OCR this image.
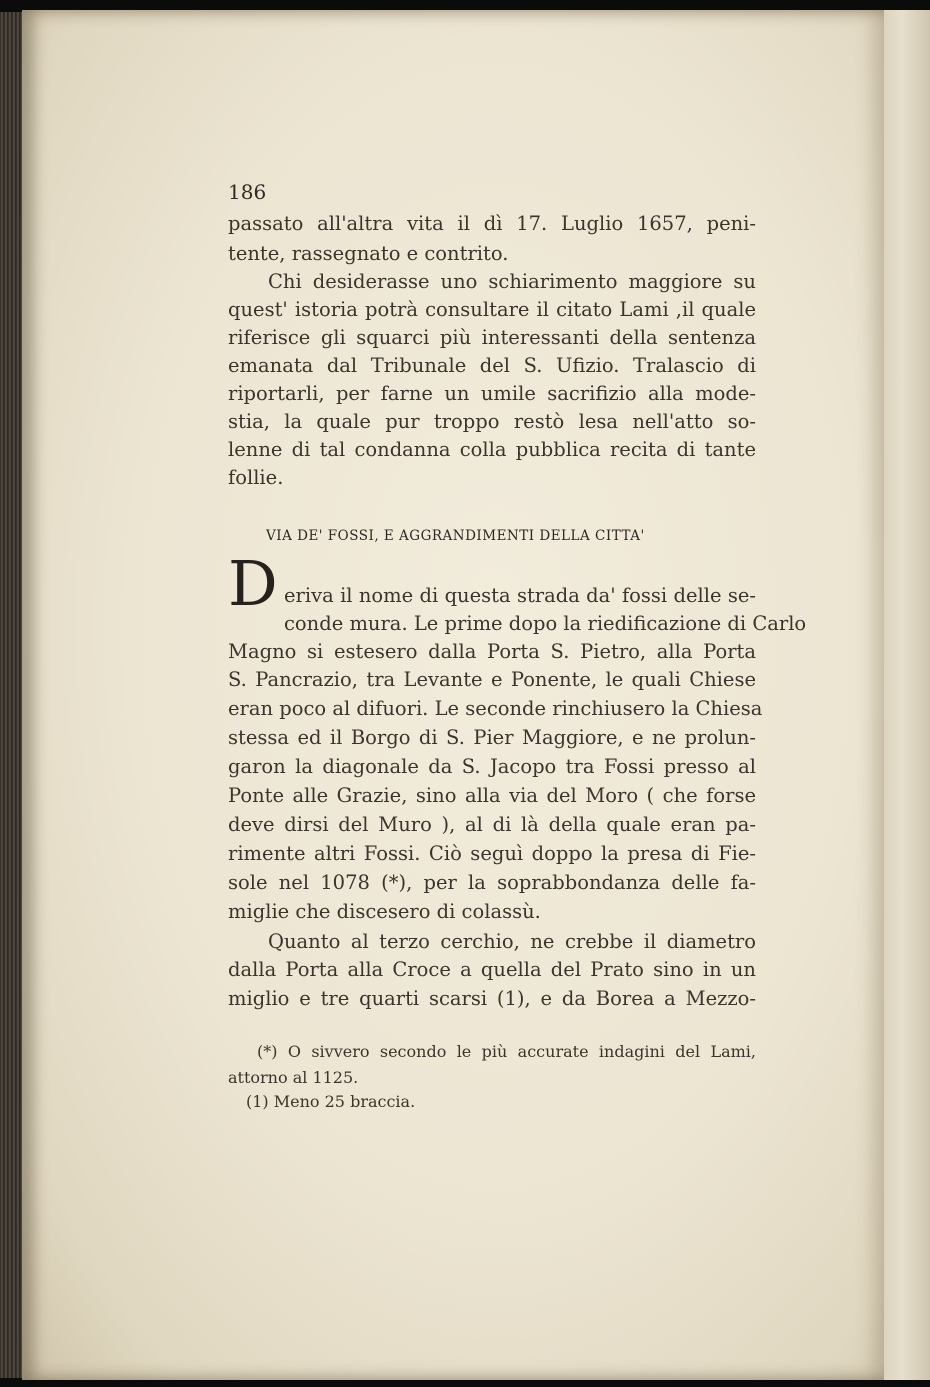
186
passato all'altra vita il dì 17. Luglio 1657, peni-
tente, rassegnato e contrito.
Chi desiderasse uno schiarimento maggiore su
quest' istoria potrà consultare il citato Lami ,il quale
riferisce gli squarci più interessanti della sentenza
emanata dal Tribunale del S. Ufizio. Tralascio di
riportarli, per farne un umile sacrifizio alla mode-
stia, la quale pur troppo restò lesa nell'atto so-
lenne di tal condanna colla pubblica recita di tante
follie.
VIA DE' FOSSI, E AGGRANDIMENTI DELLA CITTA'
D eriva il nome di questa strada da' fossi delle se-
conde mura. Le prime dopo la riedificazione di Carlo
Magno si estesero dalla Porta S. Pietro, alla Porta
S. Pancrazio, tra Levante e Ponente, le quali Chiese
eran poco al difuori. Le seconde rinchiusero la Chiesa
stessa ed il Borgo di S. Pier Maggiore, e ne prolun-
garon la diagonale da S. Jacopo tra Fossi presso al
Ponte alle Grazie, sino alla via del Moro ( che forse
deve dirsi del Muro ), al di là della quale eran pa-
rimente altri Fossi. Ciò seguì doppo la presa di Fie-
sole nel 1078 (*), per la soprabbondanza delle fa-
miglie che discesero di colassù.
Quanto al terzo cerchio, ne crebbe il diametro
dalla Porta alla Croce a quella del Prato sino in un
miglio e tre quarti scarsi (1), e da Borea a Mezzo-
(*) O sivvero secondo le più accurate indagini del Lami,
attorno al 1125.
(1) Meno 25 braccia.
